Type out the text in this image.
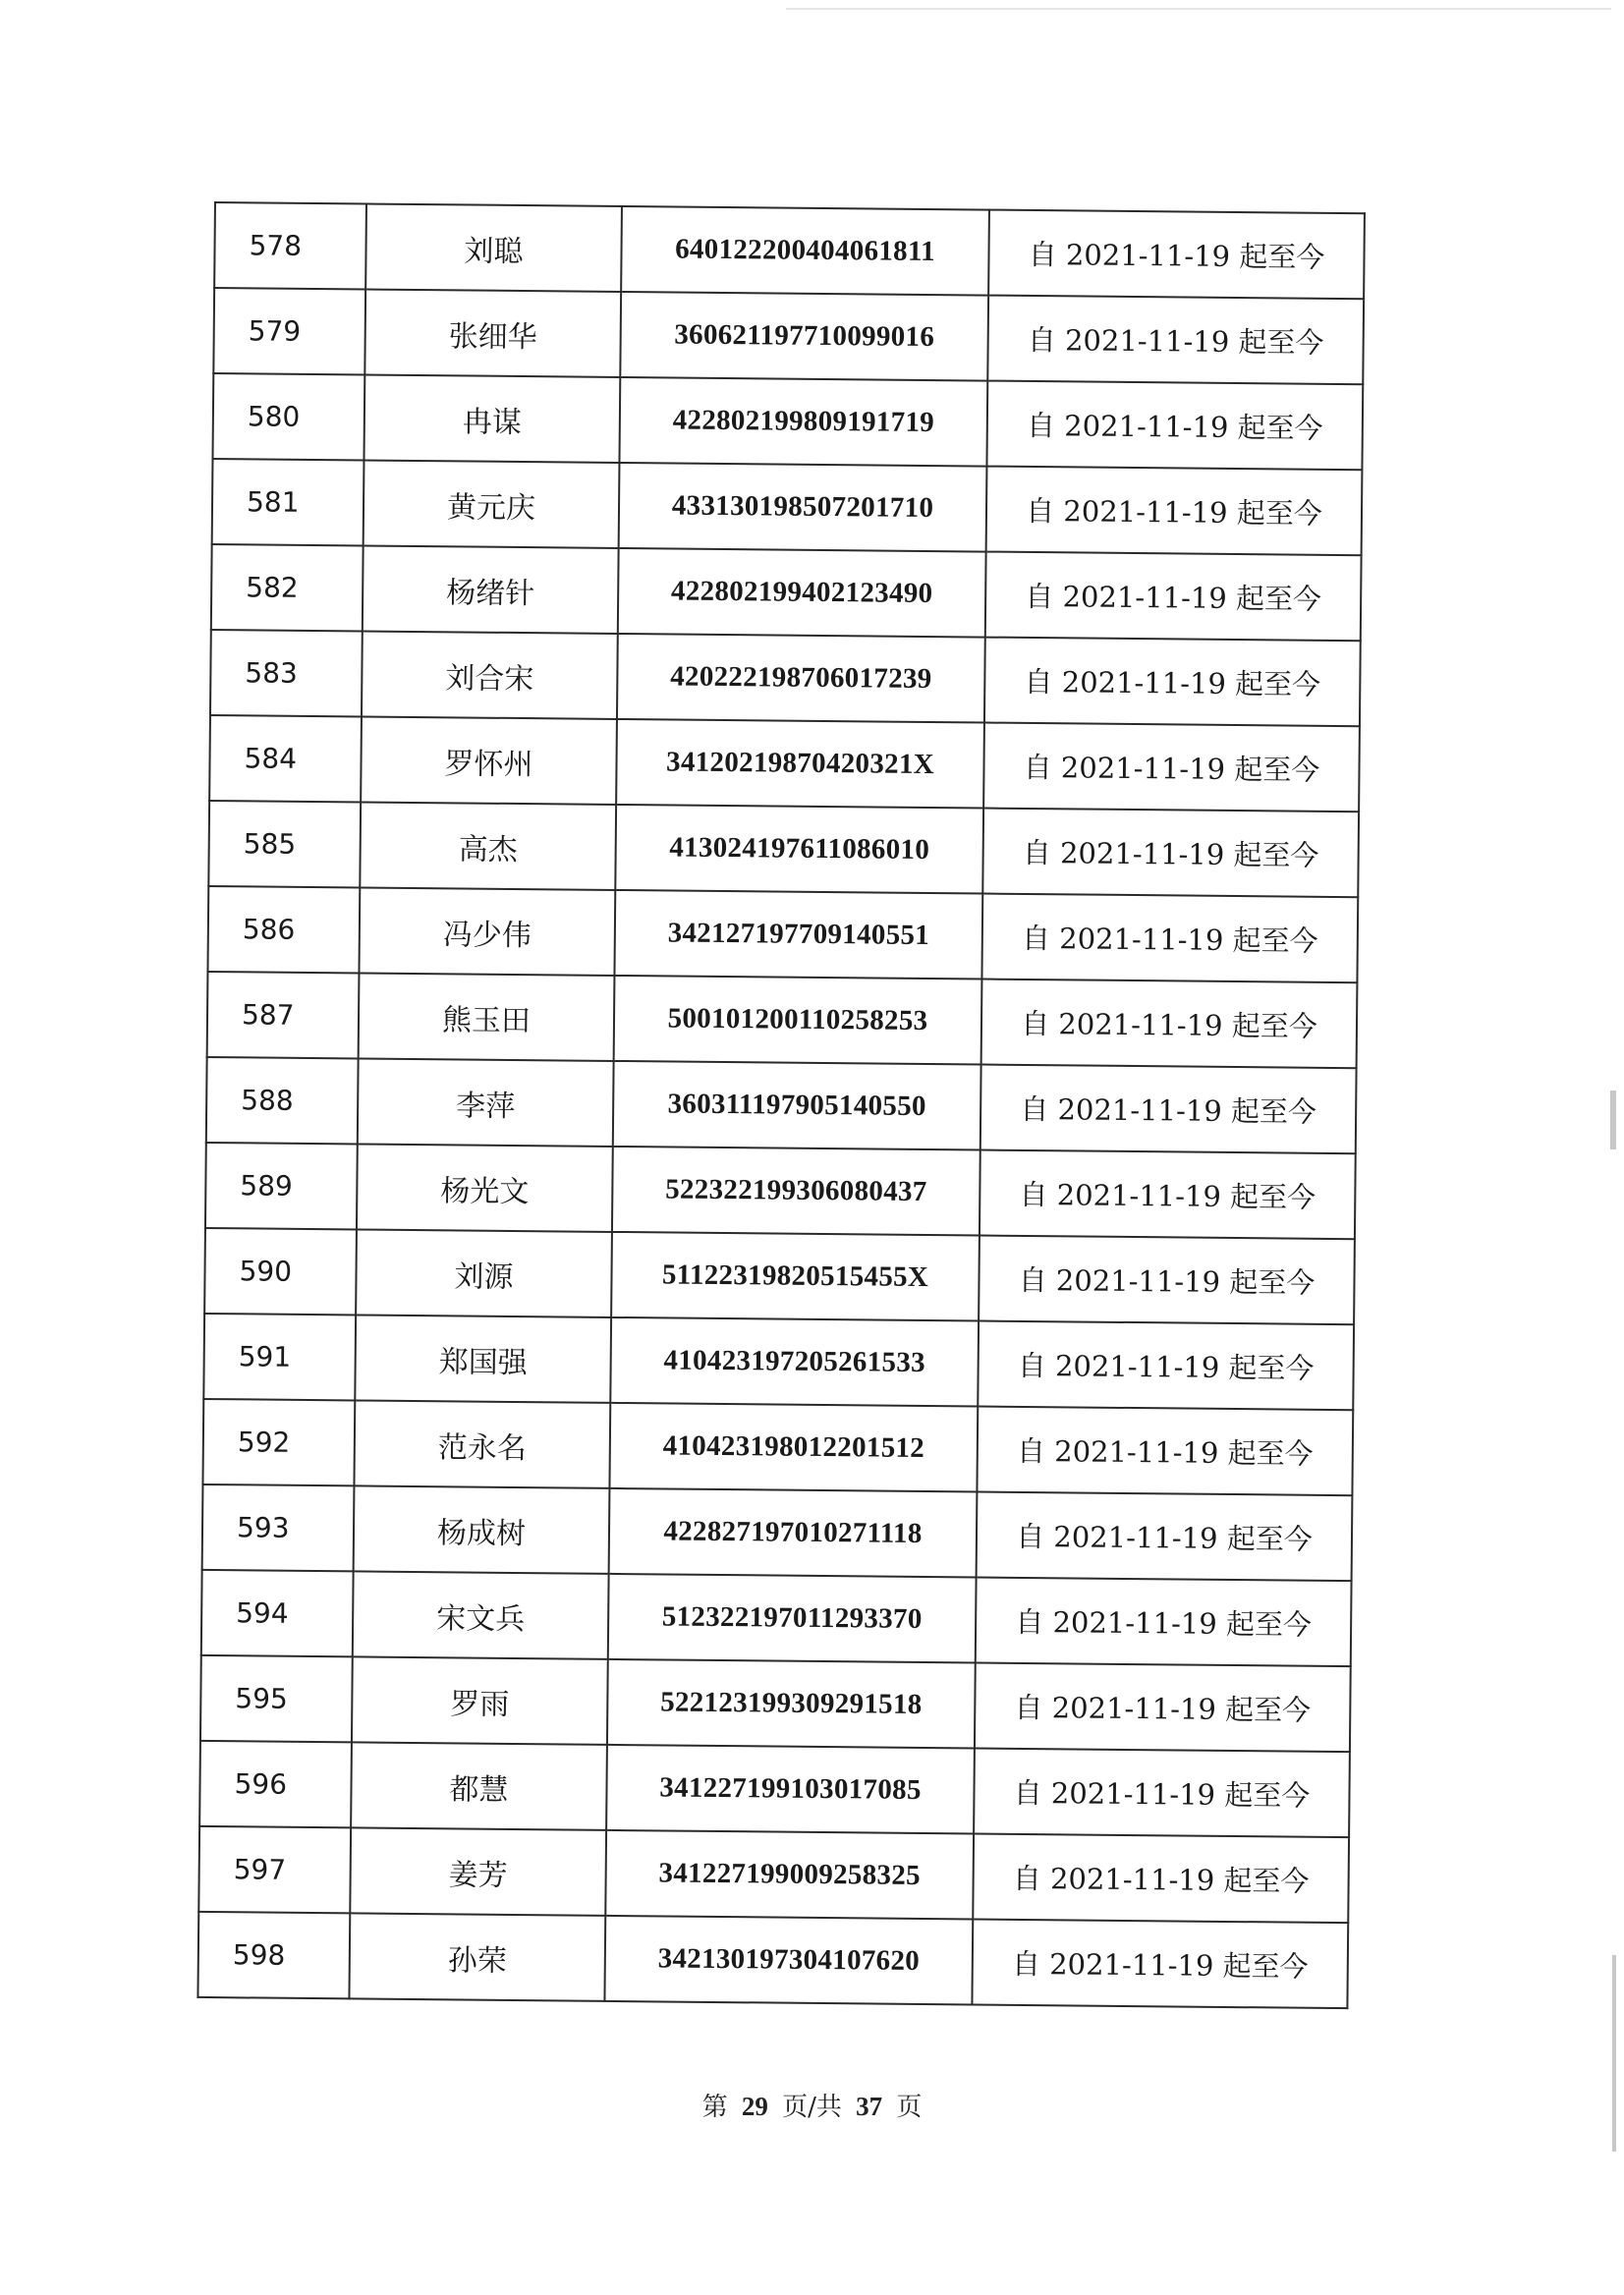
578	刘聪	640122200404061811	自 2021-11-19 起至今
579	张细华	360621197710099016	自 2021-11-19 起至今
580	冉谋	422802199809191719	自 2021-11-19 起至今
581	黄元庆	433130198507201710	自 2021-11-19 起至今
582	杨绪针	422802199402123490	自 2021-11-19 起至今
583	刘合宋	420222198706017239	自 2021-11-19 起至今
584	罗怀州	34120219870420321X	自 2021-11-19 起至今
585	高杰	413024197611086010	自 2021-11-19 起至今
586	冯少伟	342127197709140551	自 2021-11-19 起至今
587	熊玉田	500101200110258253	自 2021-11-19 起至今
588	李萍	360311197905140550	自 2021-11-19 起至今
589	杨光文	522322199306080437	自 2021-11-19 起至今
590	刘源	51122319820515455X	自 2021-11-19 起至今
591	郑国强	410423197205261533	自 2021-11-19 起至今
592	范永名	410423198012201512	自 2021-11-19 起至今
593	杨成树	422827197010271118	自 2021-11-19 起至今
594	宋文兵	512322197011293370	自 2021-11-19 起至今
595	罗雨	522123199309291518	自 2021-11-19 起至今
596	都慧	341227199103017085	自 2021-11-19 起至今
597	姜芳	341227199009258325	自 2021-11-19 起至今
598	孙荣	342130197304107620	自 2021-11-19 起至今
第 29 页/共 37 页
